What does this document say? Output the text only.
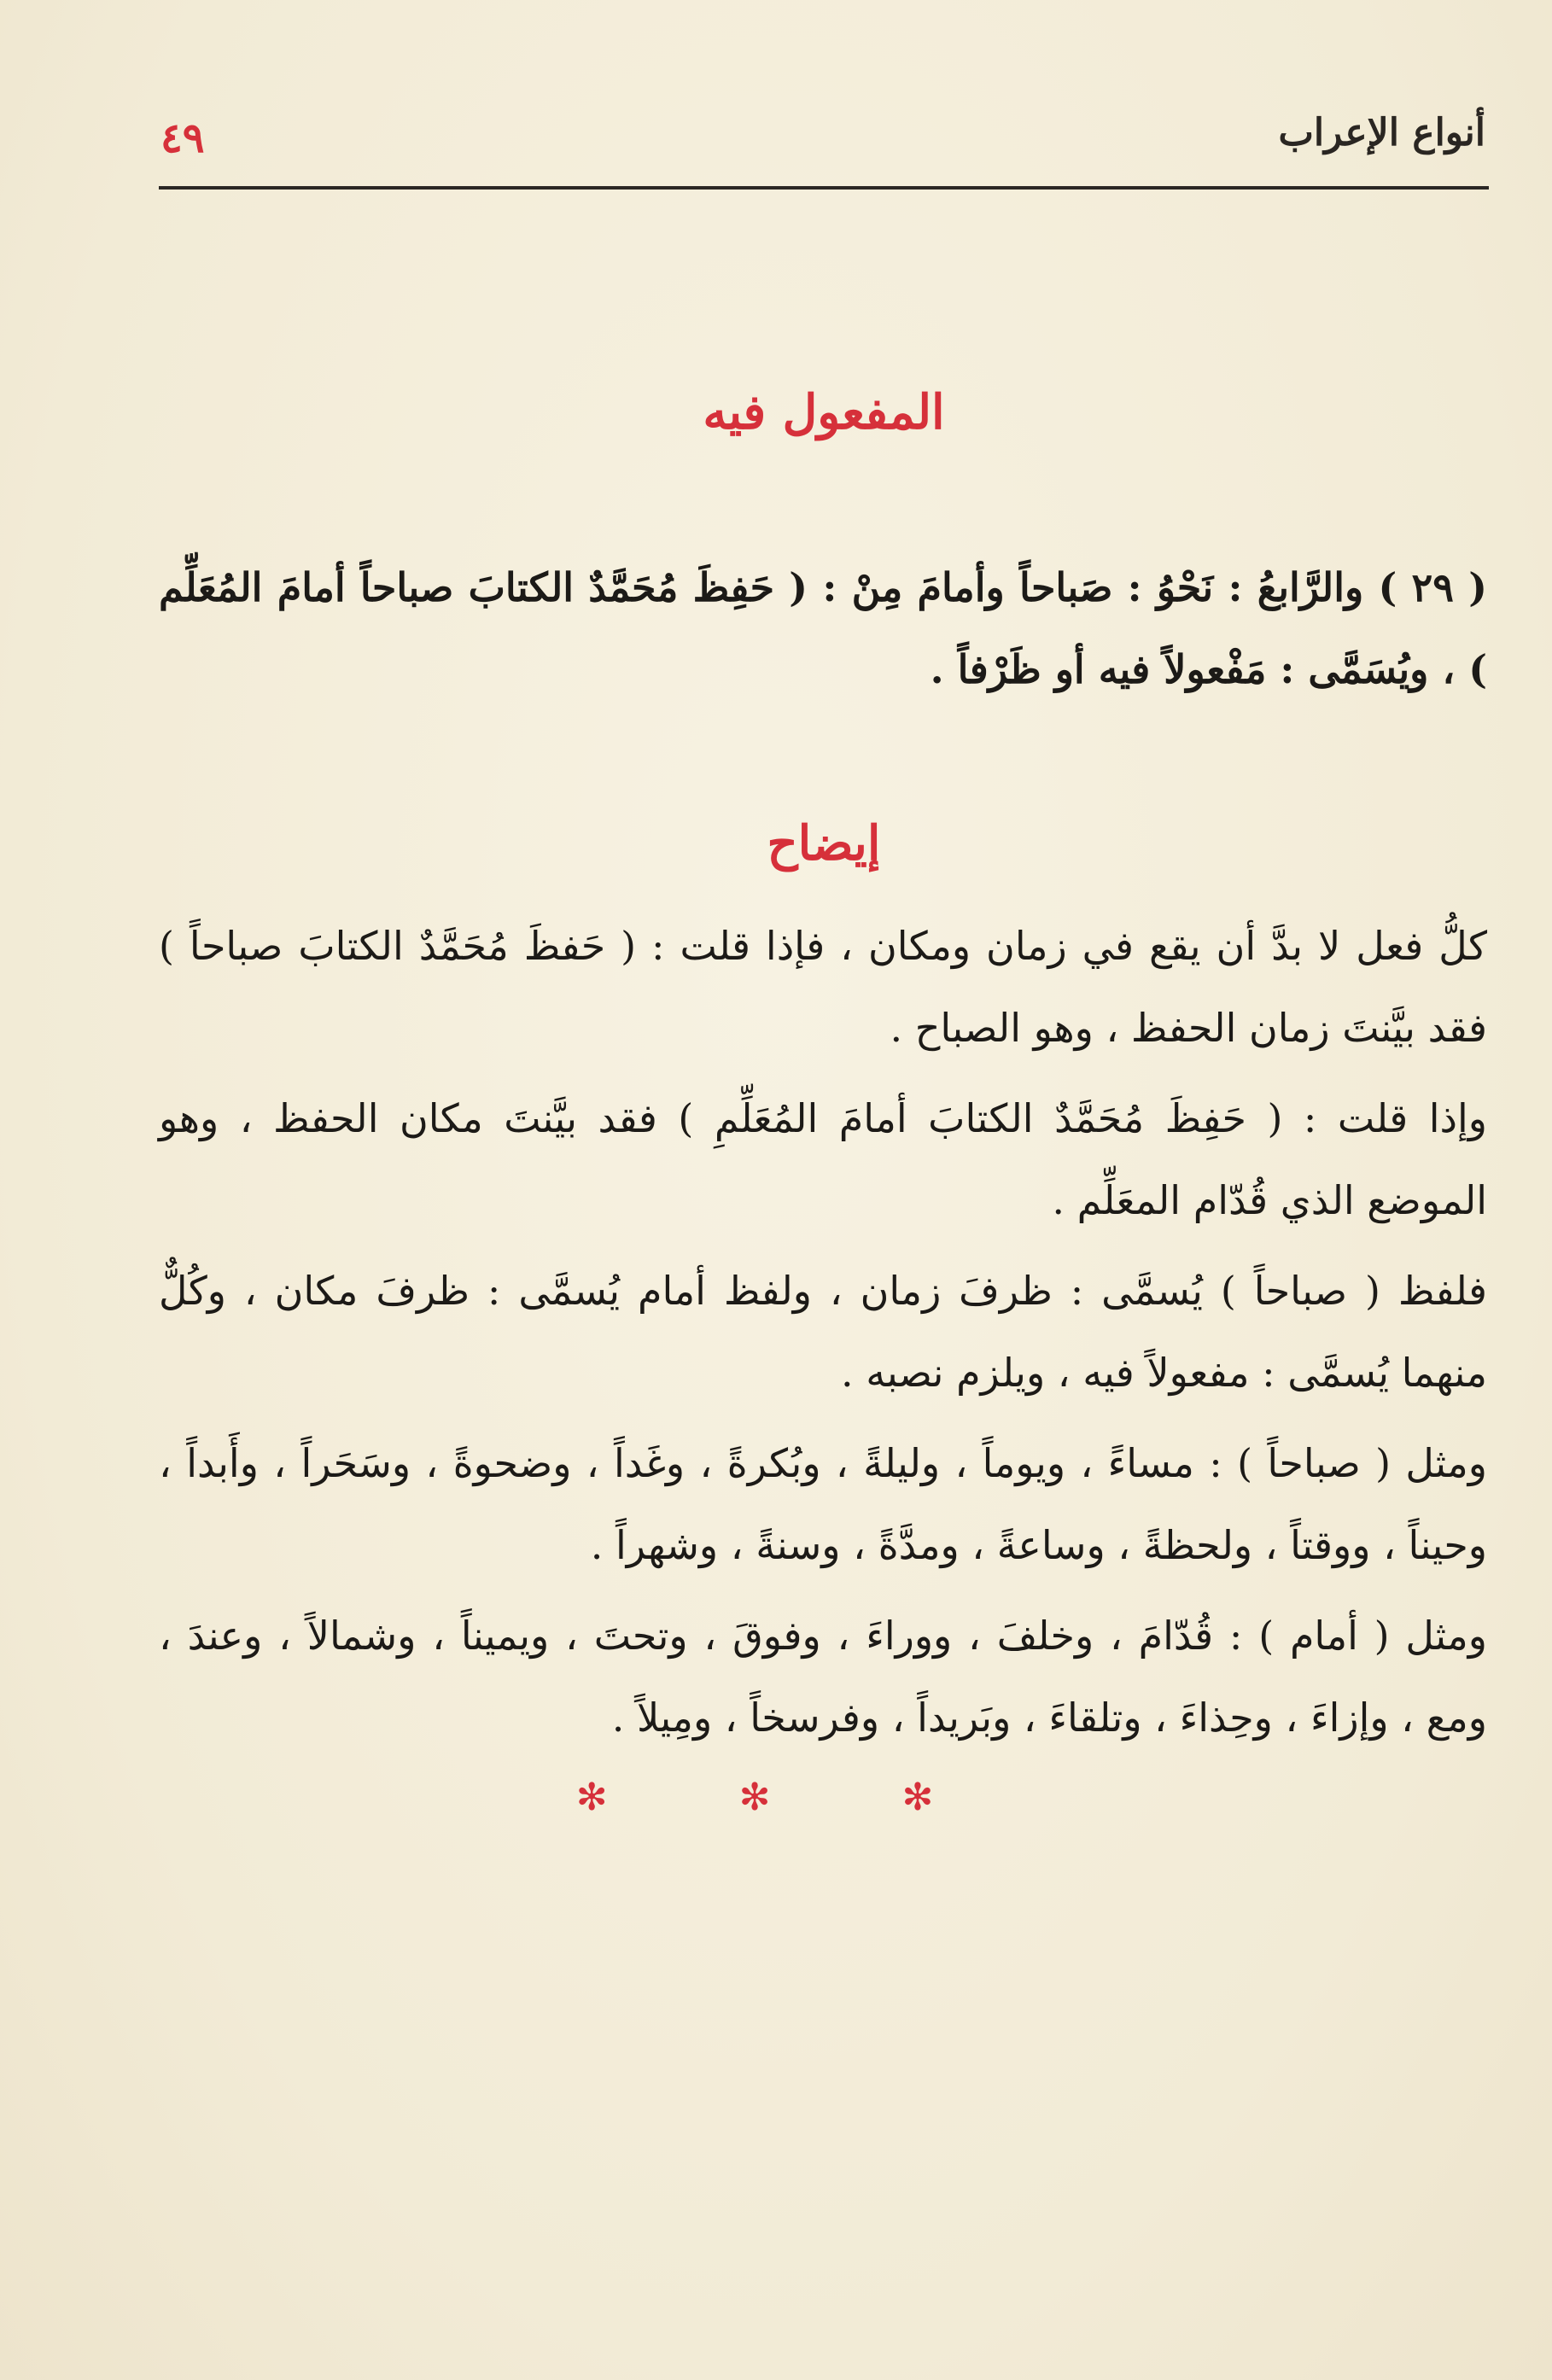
أنواع الإعراب
٤٩
المفعول فيه
( ٢٩ ) والرَّابعُ : نَحْوُ : صَباحاً وأمامَ مِنْ : ( حَفِظَ مُحَمَّدٌ الكتابَ صباحاً أمامَ المُعَلِّم ) ، ويُسَمَّى : مَفْعولاً فيه أو ظَرْفاً .
إيضاح
كلُّ فعل لا بدَّ أن يقع في زمان ومكان ، فإذا قلت : ( حَفظَ مُحَمَّدٌ الكتابَ صباحاً ) فقد بيَّنتَ زمان الحفظ ، وهو الصباح .
وإذا قلت : ( حَفِظَ مُحَمَّدٌ الكتابَ أمامَ المُعَلِّمِ ) فقد بيَّنتَ مكان الحفظ ، وهو الموضع الذي قُدّام المعَلِّم .
فلفظ ( صباحاً ) يُسمَّى : ظرفَ زمان ، ولفظ أمام يُسمَّى : ظرفَ مكان ، وكُلٌّ منهما يُسمَّى : مفعولاً فيه ، ويلزم نصبه .
ومثل ( صباحاً ) : مساءً ، ويوماً ، وليلةً ، وبُكرةً ، وغَداً ، وضحوةً ، وسَحَراً ، وأَبداً ، وحيناً ، ووقتاً ، ولحظةً ، وساعةً ، ومدَّةً ، وسنةً ، وشهراً .
ومثل ( أمام ) : قُدّامَ ، وخلفَ ، ووراءَ ، وفوقَ ، وتحتَ ، ويميناً ، وشمالاً ، وعندَ ، ومع ، وإزاءَ ، وحِذاءَ ، وتلقاءَ ، وبَريداً ، وفرسخاً ، ومِيلاً .
✻ ✻ ✻
